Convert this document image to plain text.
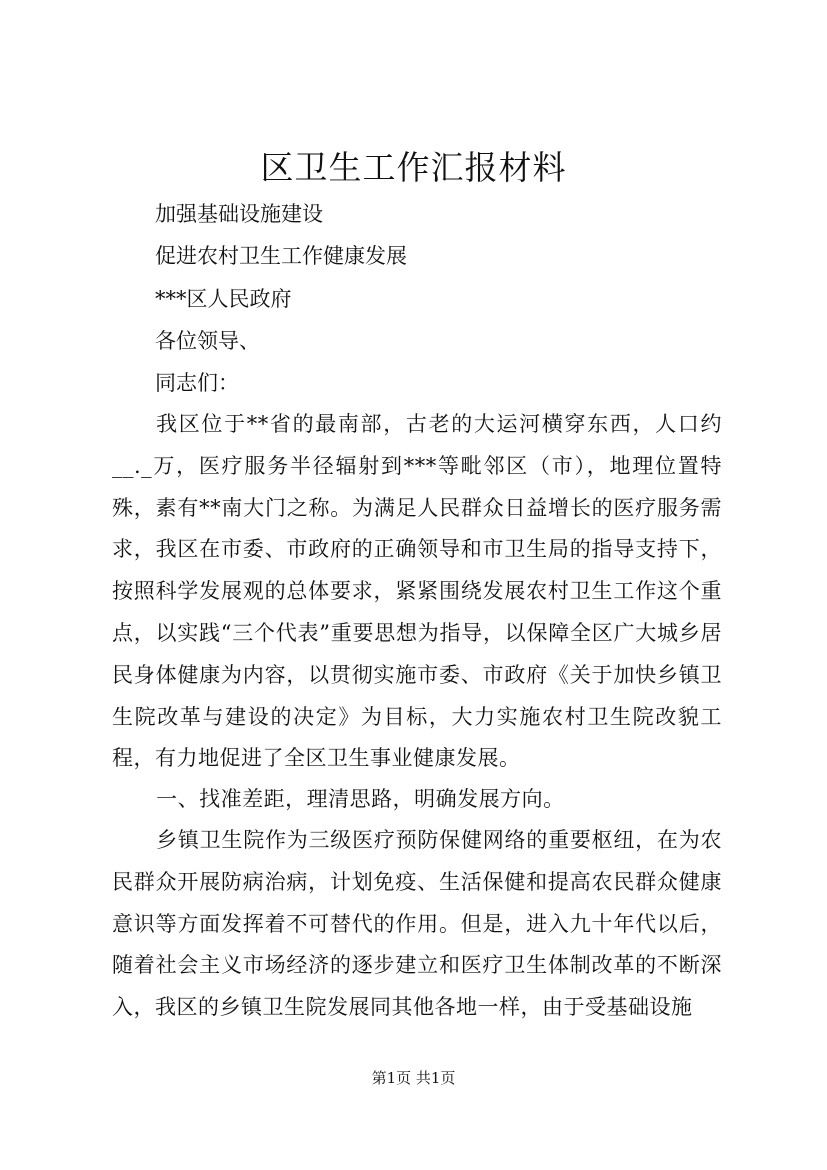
区卫生工作汇报材料
加强基础设施建设
促进农村卫生工作健康发展
***区人民政府
各位领导、
同志们：
我区位于**省的最南部，古老的大运河横穿东西，人口约__._万，医疗服务半径辐射到***等毗邻区（市），地理位置特殊，素有**南大门之称。为满足人民群众日益增长的医疗服务需求，我区在市委、市政府的正确领导和市卫生局的指导支持下，按照科学发展观的总体要求，紧紧围绕发展农村卫生工作这个重点，以实践“三个代表”重要思想为指导，以保障全区广大城乡居民身体健康为内容，以贯彻实施市委、市政府《关于加快乡镇卫生院改革与建设的决定》为目标，大力实施农村卫生院改貌工程，有力地促进了全区卫生事业健康发展。
一、找准差距，理清思路，明确发展方向。
乡镇卫生院作为三级医疗预防保健网络的重要枢纽，在为农民群众开展防病治病，计划免疫、生活保健和提高农民群众健康意识等方面发挥着不可替代的作用。但是，进入九十年代以后，随着社会主义市场经济的逐步建立和医疗卫生体制改革的不断深入，我区的乡镇卫生院发展同其他各地一样，由于受基础设施
第1页 共1页
